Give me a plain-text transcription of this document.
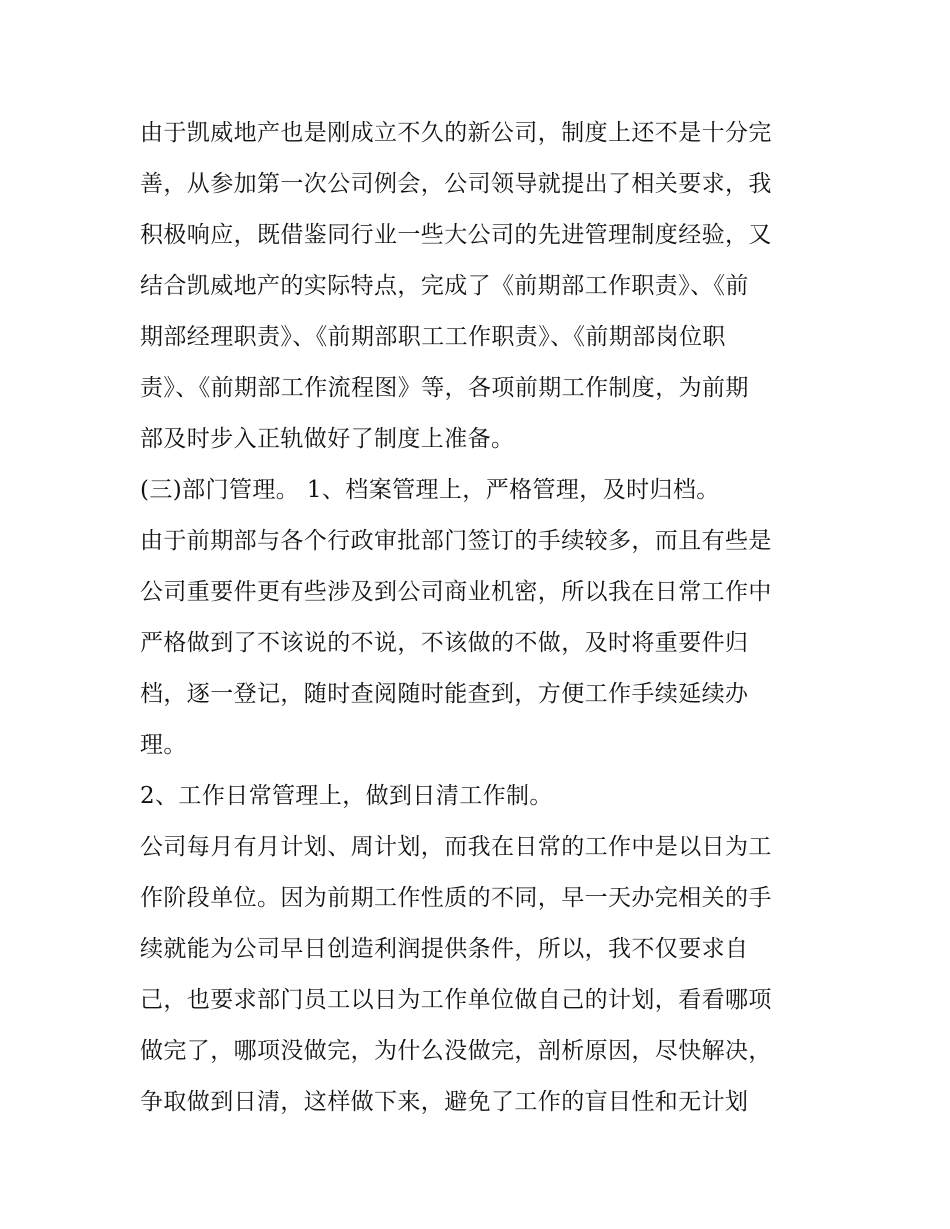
由于凯威地产也是刚成立不久的新公司，制度上还不是十分完
善，从参加第一次公司例会，公司领导就提出了相关要求，我
积极响应，既借鉴同行业一些大公司的先进管理制度经验，又
结合凯威地产的实际特点，完成了《前期部工作职责》、《前
期部经理职责》、《前期部职工工作职责》、《前期部岗位职
责》、《前期部工作流程图》等，各项前期工作制度，为前期
部及时步入正轨做好了制度上准备。
(三)部门管理。 1、档案管理上，严格管理，及时归档。
由于前期部与各个行政审批部门签订的手续较多，而且有些是
公司重要件更有些涉及到公司商业机密，所以我在日常工作中
严格做到了不该说的不说，不该做的不做，及时将重要件归
档，逐一登记，随时查阅随时能查到，方便工作手续延续办
理。
2、工作日常管理上，做到日清工作制。
公司每月有月计划、周计划，而我在日常的工作中是以日为工
作阶段单位。因为前期工作性质的不同，早一天办完相关的手
续就能为公司早日创造利润提供条件，所以，我不仅要求自
己，也要求部门员工以日为工作单位做自己的计划，看看哪项
做完了，哪项没做完，为什么没做完，剖析原因，尽快解决，
争取做到日清，这样做下来，避免了工作的盲目性和无计划
